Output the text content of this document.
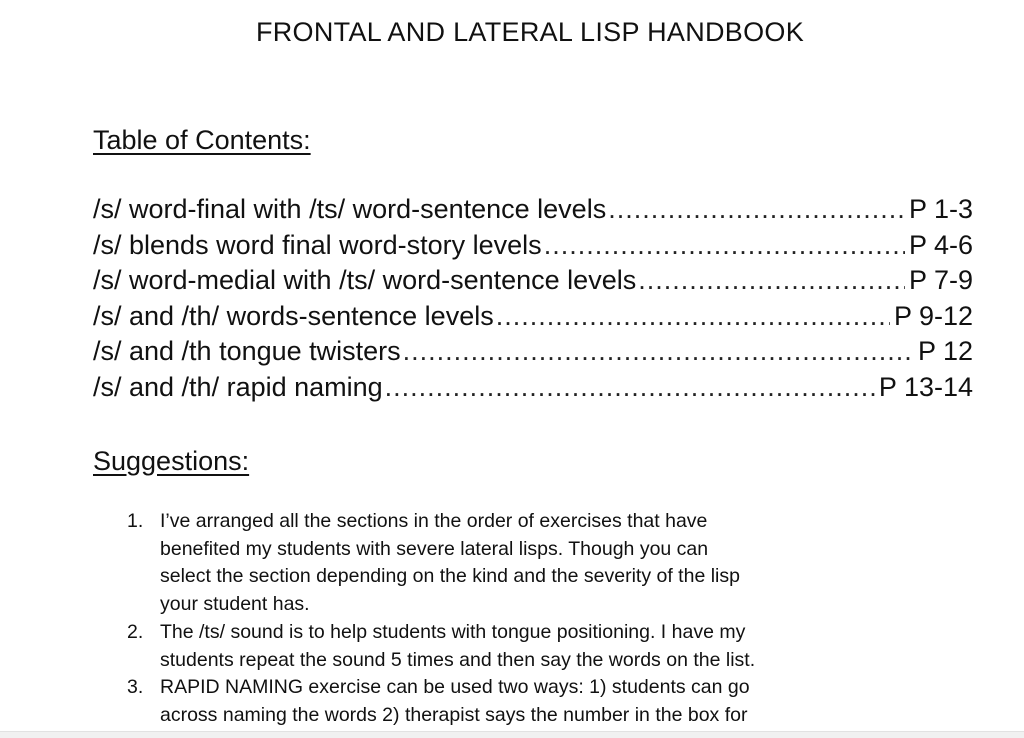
FRONTAL AND LATERAL LISP HANDBOOK
Table of Contents:
/s/ word-final with /ts/ word-sentence levels .....	P 1-3
/s/ blends word final word-story levels .....	P 4-6
/s/ word-medial with /ts/ word-sentence levels .....	P 7-9
/s/ and /th/ words-sentence levels .....	P 9-12
/s/ and /th tongue twisters .....	P 12
/s/ and /th/ rapid naming .....	P 13-14
Suggestions:
1. I’ve arranged all the sections in the order of exercises that have
benefited my students with severe lateral lisps. Though you can
select the section depending on the kind and the severity of the lisp
your student has.
2. The /ts/ sound is to help students with tongue positioning. I have my
students repeat the sound 5 times and then say the words on the list.
3. RAPID NAMING exercise can be used two ways: 1) students can go
across naming the words 2) therapist says the number in the box for
